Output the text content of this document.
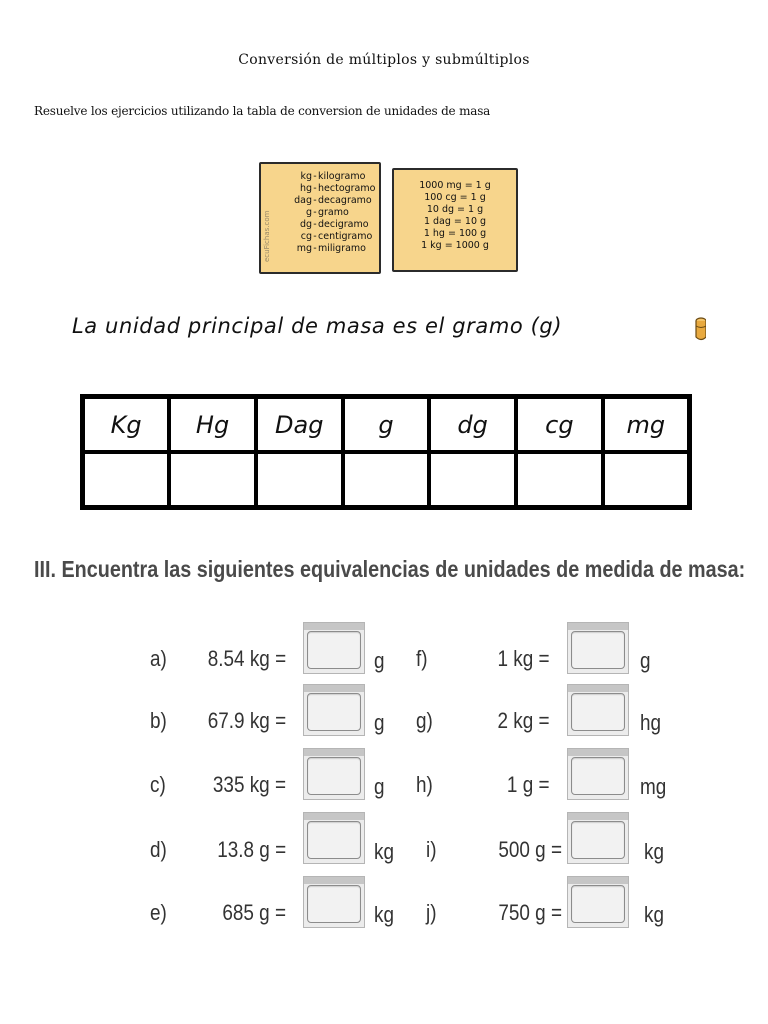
Conversión de múltiplos y submúltiplos
Resuelve los ejercicios utilizando la tabla de conversion de unidades de masa
ecuFichas.com
kg - kilogramo
hg - hectogramo
dag - decagramo
g - gramo
dg - decigramo
cg - centigramo
mg - miligramo
1000 mg = 1 g
100 cg = 1 g
10 dg = 1 g
1 dag = 10 g
1 hg = 100 g
1 kg = 1000 g
La unidad principal de masa es el gramo (g)
Kg	Hg	Dag	g	dg	cg	mg

III. Encuentra las siguientes equivalencias de unidades de medida de masa:
a) 8.54 kg =	g
b) 67.9 kg =	g
c) 335 kg =	g
d) 13.8 g =	kg
e)	685 g =	kg
f)	1 kg =	g
g)	2 kg =	hg
h)	1 g =	mg
i)	500 g =	kg
j)	750 g =	kg
